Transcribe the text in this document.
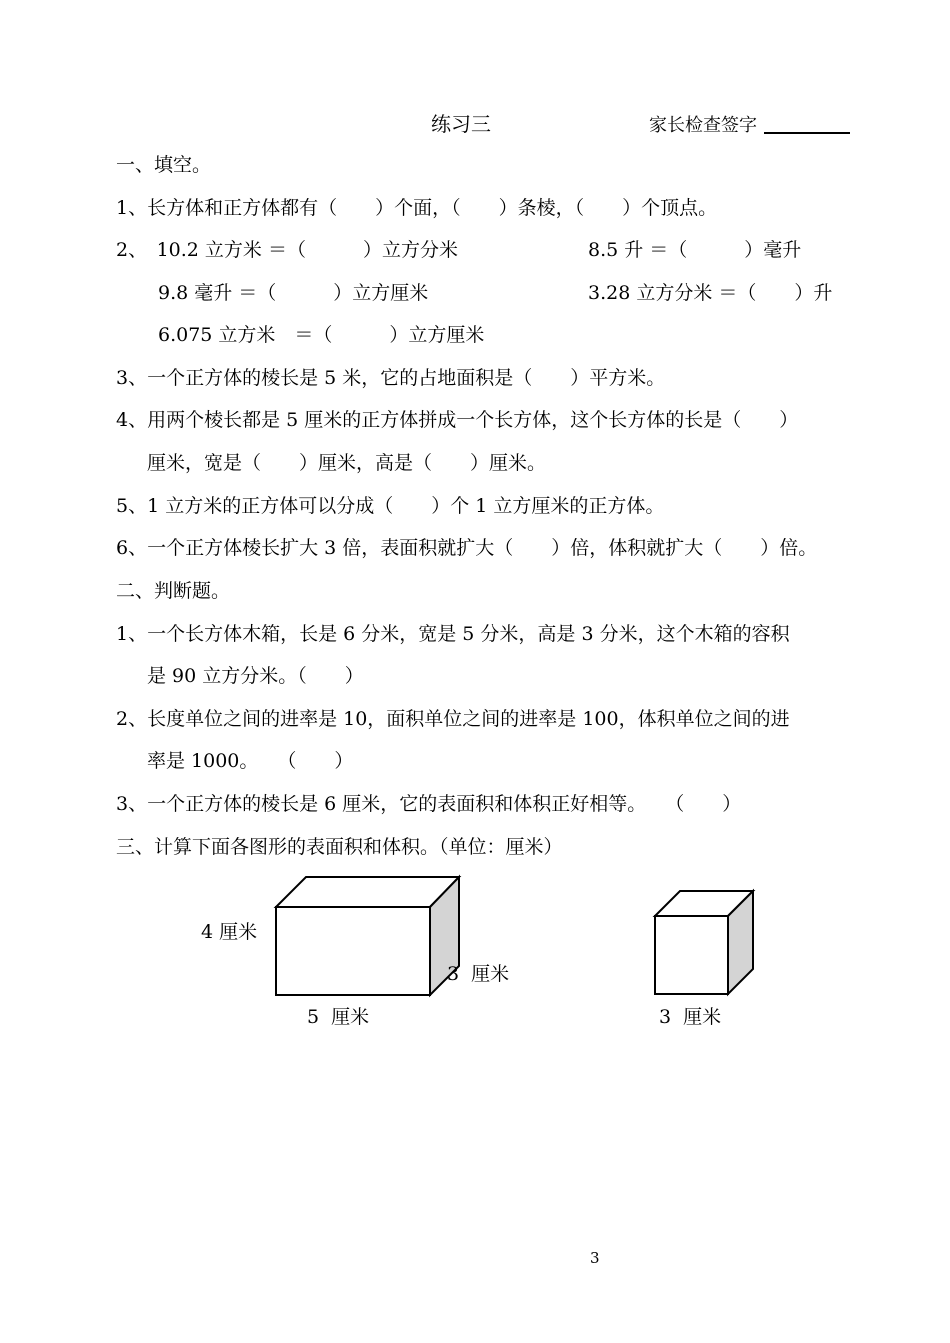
练习三	家长检查签字
一、填空。
1、长方体和正方体都有（　　）个面，（　　）条棱，（　　）个顶点。
2、　10.2 立方米 ＝（　　　）立方分米	8.5 升 ＝（　　　）毫升
9.8 毫升 ＝（　　　）立方厘米	3.28 立方分米 ＝（　　）升
6.075 立方米　＝（　　　）立方厘米
3、一个正方体的棱长是 5 米，它的占地面积是（　　）平方米。
4、用两个棱长都是 5 厘米的正方体拼成一个长方体，这个长方体的长是（　　）
厘米，宽是（　　）厘米，高是（　　）厘米。
5、1 立方米的正方体可以分成（　　）个 1 立方厘米的正方体。
6、一个正方体棱长扩大 3 倍，表面积就扩大（　　）倍，体积就扩大（　　）倍。
二、判断题。
1、一个长方体木箱，长是 6 分米，宽是 5 分米，高是 3 分米，这个木箱的容积
是 90 立方分米。（　　）
2、长度单位之间的进率是 10，面积单位之间的进率是 100，体积单位之间的进
率是 1000。　　（　　）
3、一个正方体的棱长是 6 厘米，它的表面积和体积正好相等。　　（　　）
三、计算下面各图形的表面积和体积。（单位：厘米）
4 厘米
3  厘米
5  厘米	3  厘米
3
